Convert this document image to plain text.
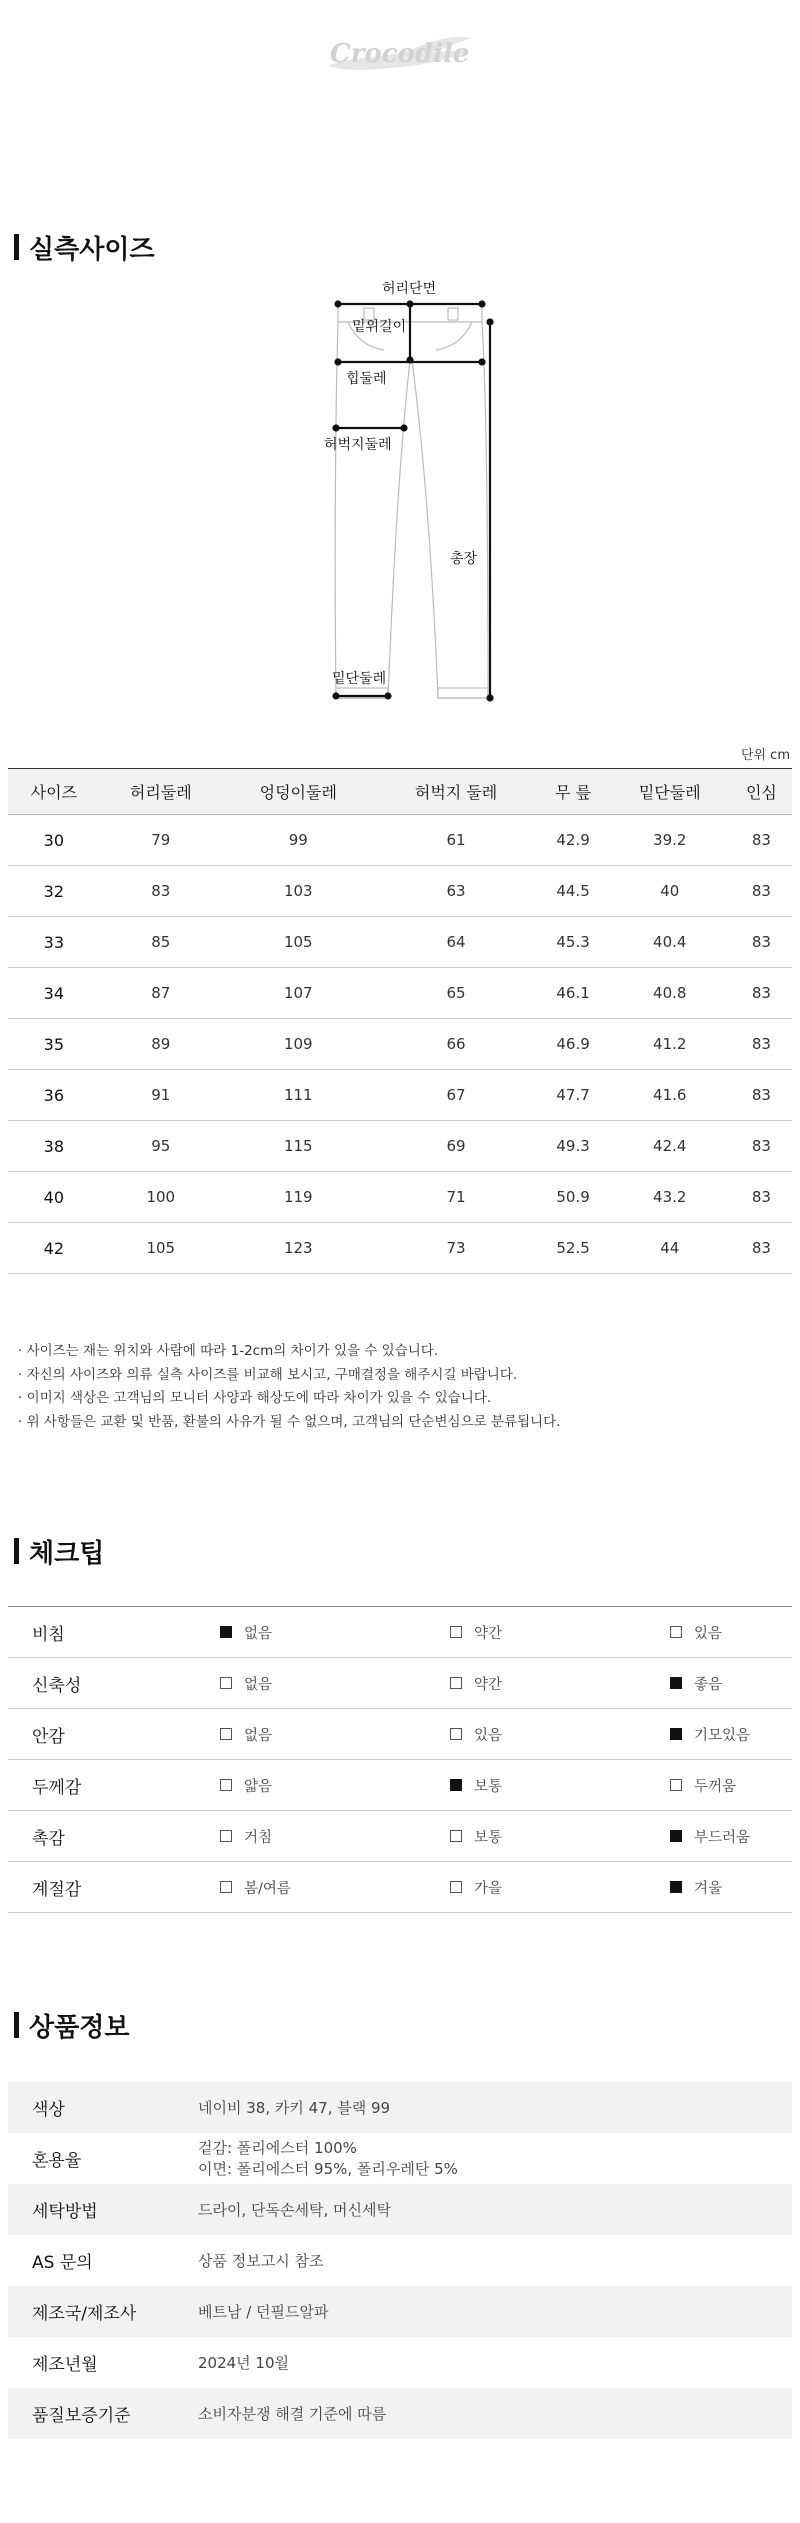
Crocodile
실측사이즈
허리단면
밑위길이
힙둘레
허벅지둘레
총장
밑단둘레
단위 cm
사이즈	허리둘레	엉덩이둘레	허벅지 둘레	무 릎	밑단둘레	인심
30	79	99	61	42.9	39.2	83
32	83	103	63	44.5	40	83
33	85	105	64	45.3	40.4	83
34	87	107	65	46.1	40.8	83
35	89	109	66	46.9	41.2	83
36	91	111	67	47.7	41.6	83
38	95	115	69	49.3	42.4	83
40	100	119	71	50.9	43.2	83
42	105	123	73	52.5	44	83
· 사이즈는 재는 위치와 사람에 따라 1-2cm의 차이가 있을 수 있습니다.
· 자신의 사이즈와 의류 실측 사이즈를 비교해 보시고, 구매결정을 해주시길 바랍니다.
· 이미지 색상은 고객님의 모니터 사양과 해상도에 따라 차이가 있을 수 있습니다.
· 위 사항들은 교환 및 반품, 환불의 사유가 될 수 없으며, 고객님의 단순변심으로 분류됩니다.
체크팁
비침	없음	약간	있음

신축성	없음	약간	좋음

안감	없음	있음	기모있음

두께감	얇음	보통	두꺼움

촉감	거침	보통	부드러움

계절감	봄/여름	가을	겨울
상품정보
색상	네이비 38, 카키 47, 블랙 99
혼용율	겉감: 폴리에스터 100%
이면: 폴리에스터 95%, 폴리우레탄 5%

세탁방법	드라이, 단독손세탁, 머신세탁
AS 문의	상품 정보고시 참조
제조국/제조사	베트남 / 던필드알파
제조년월	2024년 10월
품질보증기준	소비자분쟁 해결 기준에 따름
